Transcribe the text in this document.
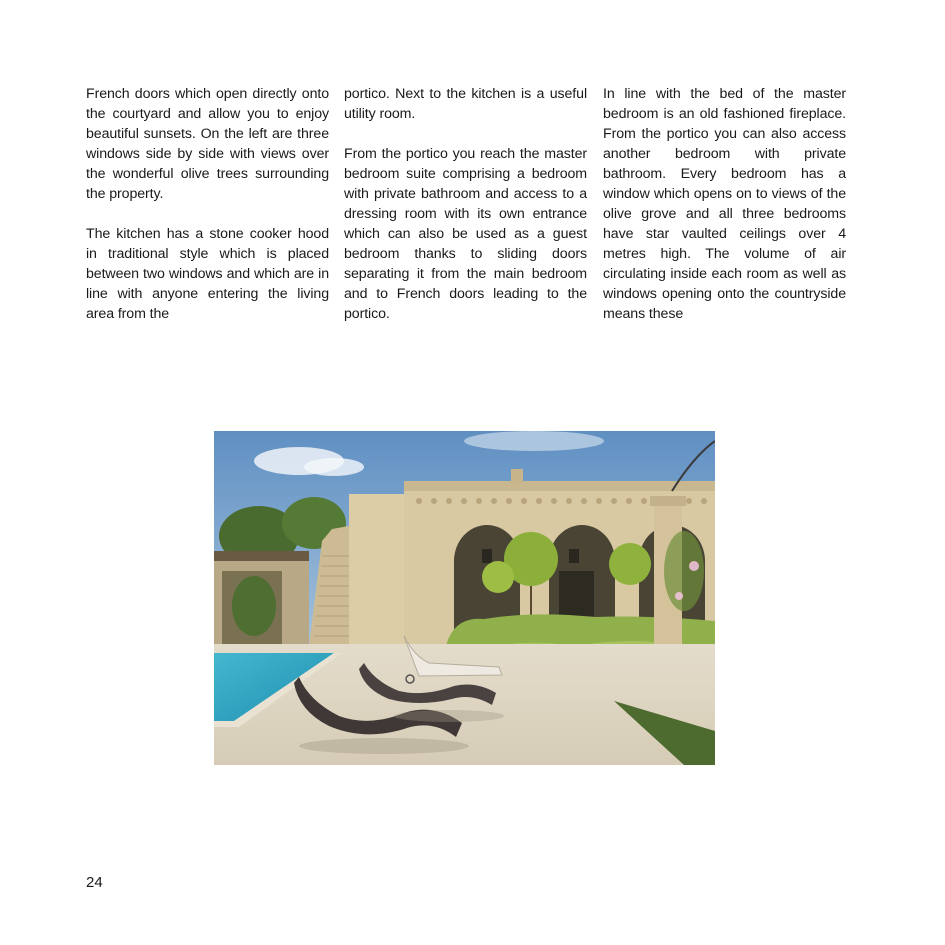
French doors which open directly onto the courtyard and allow you to enjoy beautiful sunsets. On the left are three windows side by side with views over the wonderful olive trees surrounding the property.

The kitchen has a stone cooker hood in traditional style which is placed between two windows and which are in line with anyone entering the living area from the

portico. Next to the kitchen is a useful utility room.

From the portico you reach the master bedroom suite comprising a bedroom with private bathroom and access to a dressing room with its own entrance which can also be used as a guest bedroom thanks to sliding doors separating it from the main bedroom and to French doors leading to the portico.

In line with the bed of the master bedroom is an old fashioned fireplace. From the portico you can also access another bedroom with private bathroom. Every bedroom has a window which opens on to views of the olive grove and all three bedrooms have star vaulted ceilings over 4 metres high. The volume of air circulating inside each room as well as windows opening onto the countryside means these

24
